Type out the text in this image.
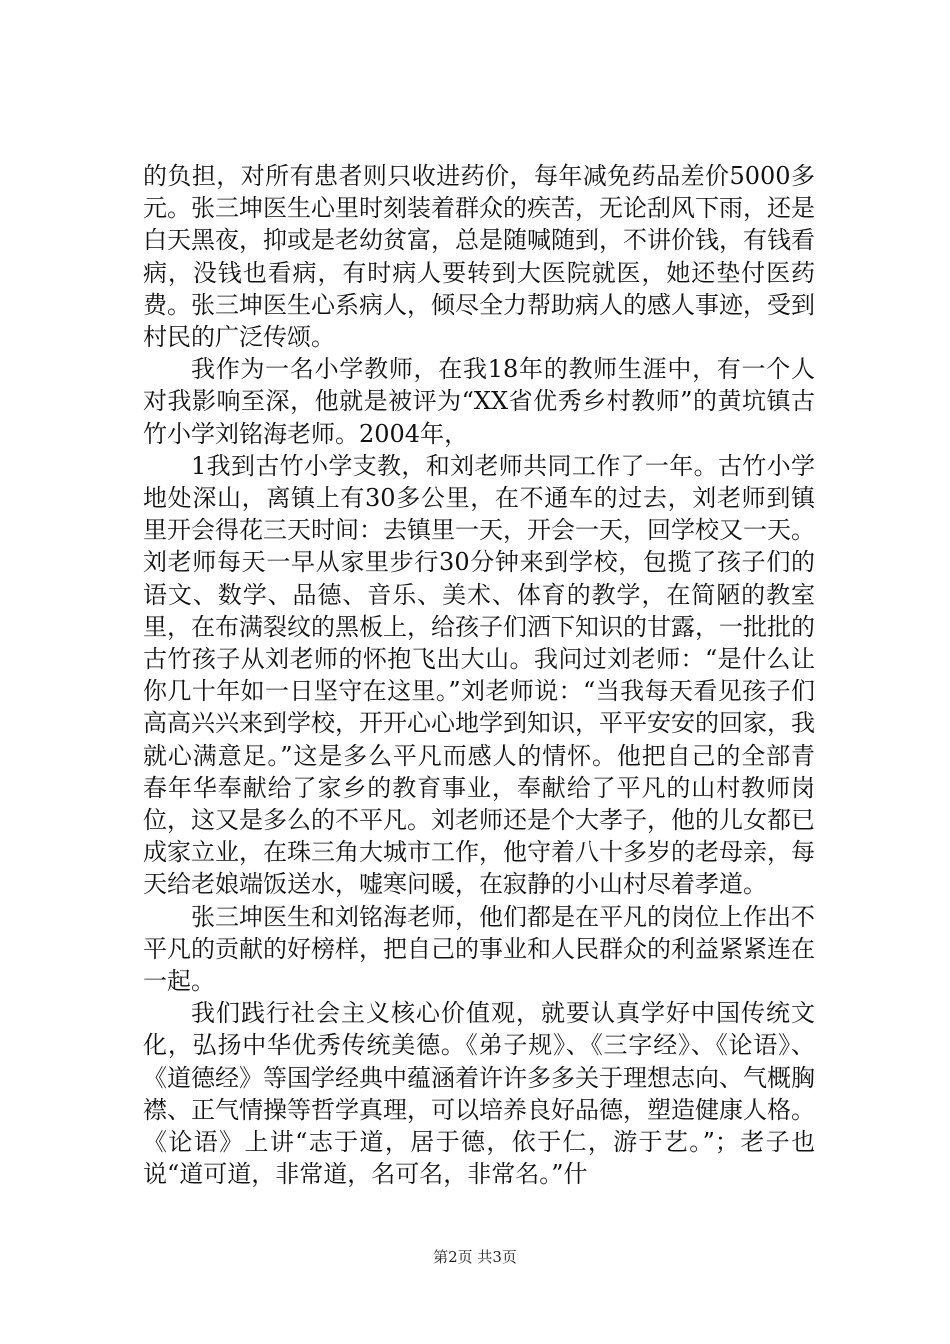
的负担，对所有患者则只收进药价，每年减免药品差价5000多元。张三坤医生心里时刻装着群众的疾苦，无论刮风下雨，还是白天黑夜，抑或是老幼贫富，总是随喊随到，不讲价钱，有钱看病，没钱也看病，有时病人要转到大医院就医，她还垫付医药费。张三坤医生心系病人，倾尽全力帮助病人的感人事迹，受到村民的广泛传颂。

我作为一名小学教师，在我18年的教师生涯中，有一个人对我影响至深，他就是被评为“XX省优秀乡村教师”的黄坑镇古竹小学刘铭海老师。2004年，

1我到古竹小学支教，和刘老师共同工作了一年。古竹小学地处深山，离镇上有30多公里，在不通车的过去，刘老师到镇里开会得花三天时间：去镇里一天，开会一天，回学校又一天。刘老师每天一早从家里步行30分钟来到学校，包揽了孩子们的语文、数学、品德、音乐、美术、体育的教学，在简陋的教室里，在布满裂纹的黑板上，给孩子们洒下知识的甘露，一批批的古竹孩子从刘老师的怀抱飞出大山。我问过刘老师：“是什么让你几十年如一日坚守在这里。”刘老师说：“当我每天看见孩子们高高兴兴来到学校，开开心心地学到知识，平平安安的回家，我就心满意足。”这是多么平凡而感人的情怀。他把自己的全部青春年华奉献给了家乡的教育事业，奉献给了平凡的山村教师岗位，这又是多么的不平凡。刘老师还是个大孝子，他的儿女都已成家立业，在珠三角大城市工作，他守着八十多岁的老母亲，每天给老娘端饭送水，嘘寒问暖，在寂静的小山村尽着孝道。

张三坤医生和刘铭海老师，他们都是在平凡的岗位上作出不平凡的贡献的好榜样，把自己的事业和人民群众的利益紧紧连在一起。

我们践行社会主义核心价值观，就要认真学好中国传统文化，弘扬中华优秀传统美德。《弟子规》、《三字经》、《论语》、《道德经》等国学经典中蕴涵着许许多多关于理想志向、气概胸襟、正气情操等哲学真理，可以培养良好品德，塑造健康人格。《论语》上讲“志于道，居于德，依于仁，游于艺。”；老子也说“道可道，非常道，名可名，非常名。”什

第2页 共3页
